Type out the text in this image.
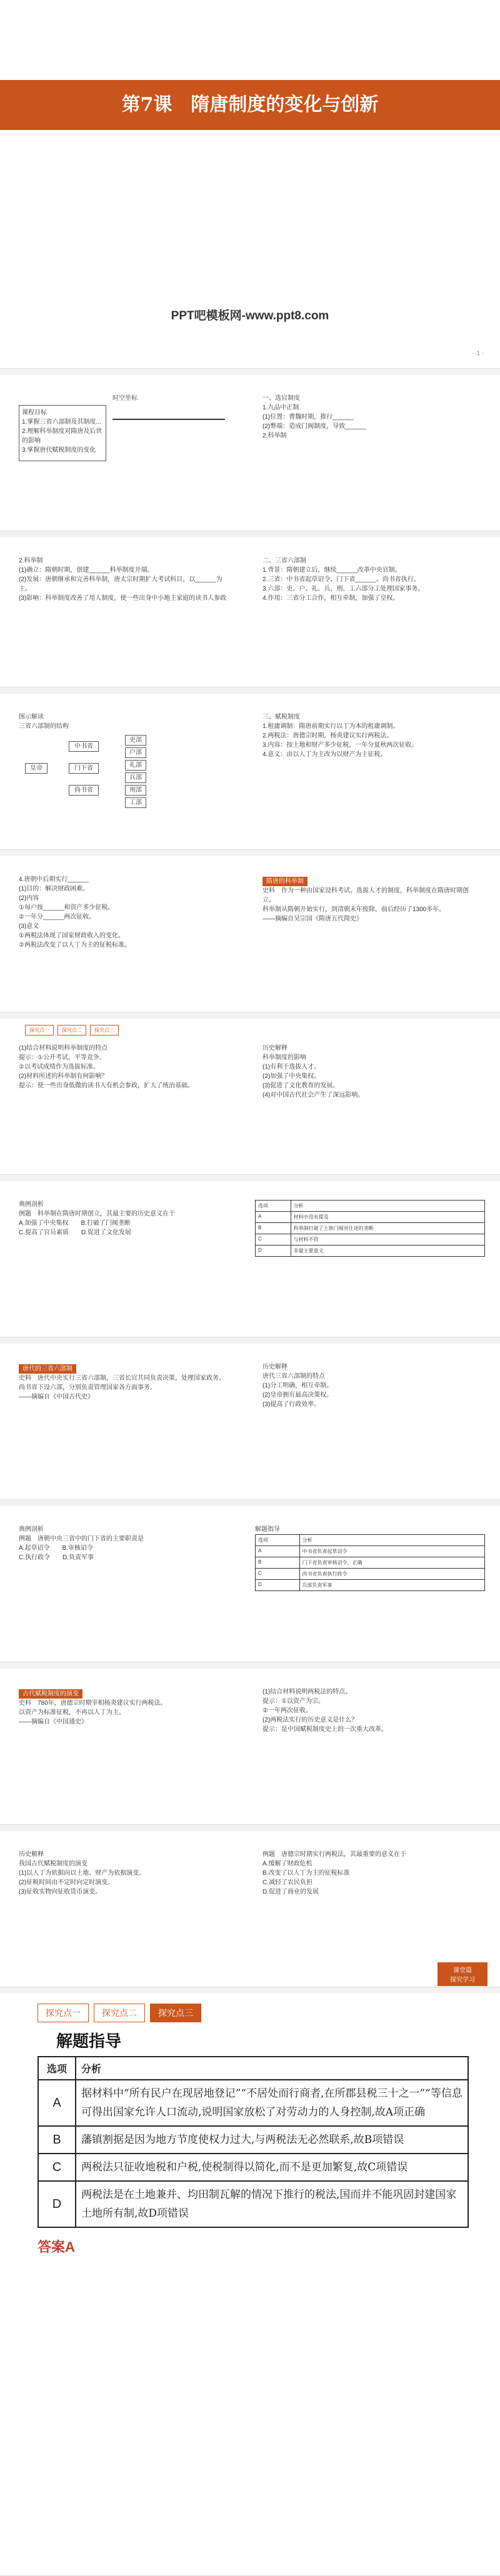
第7课　隋唐制度的变化与创新
PPT吧模板网-www.ppt8.com
· 1 ·
时空坐标
课程目标
1.掌握三省六部制及其制度...
2.理解科举制度对隋唐及后世的影响
3.掌握唐代赋税制度的变化
一、选官制度
1.九品中正制
(1)位置：曹魏时期，推行______
(2)弊端：造成门阀制度，导致______
2.科举制
2.科举制
(1)确立：隋朝时期，创建______科举制度开端。
(2)发展：唐朝继承和完善科举制，唐太宗时期扩大考试科目，以______为主。
(3)影响：科举制度改善了用人制度，使一些出身中小地主家庭的读书人参政
二、三省六部制
1.背景：隋朝建立后，继续______改革中央官制。
2.三省：中书省起草诏令、门下省______、尚书省执行。
3.六部：吏、户、礼、兵、刑、工六部分工处理国家事务。
4.作用：三省分工合作，相互牵制，加强了皇权。
图示解读
三省六部制的结构
皇帝
中书省
门下省
尚书省
吏部
户部
礼部
兵部
刑部
工部
三、赋税制度
1.租庸调制：隋唐前期实行以丁为本的租庸调制。
2.两税法：唐德宗时期，杨炎建议实行两税法。
3.内容：按土地和财产多少征税，一年分夏秋两次征收。
4.意义：由以人丁为主改为以财产为主征税。
4.唐朝中后期实行______
(1)目的：解决财政困难。
(2)内容
①每户按______和资产多少征税。
②一年分______两次征收。
(3)意义
①两税法体现了国家财政收入的变化。
②两税法改变了以人丁为主的征税标准。
隋唐的科举制
史料　作为一种由国家设科考试、选拔人才的制度，科举制度在隋唐时期创立。
科举制从隋朝开始实行，到清朝末年废除，前后经历了1300多年。
——摘编自吴宗国《隋唐五代简史》
探究点一	探究点二	探究点三
(1)结合材料说明科举制度的特点
提示：①公开考试，平等竞争。
②以考试成绩作为选拔标准。
(2)材料所述的科举制有何影响？
提示：使一些出身低微的读书人有机会参政，扩大了统治基础。
历史解释
科举制度的影响
(1)有利于选拔人才。
(2)加强了中央集权。
(3)促进了文化教育的发展。
(4)对中国古代社会产生了深远影响。
典例剖析
例题　科举制在隋唐时期创立，其最主要的历史意义在于
A.加强了中央集权　　B.打破了门阀垄断
C.提高了官员素质　　D.促进了文化发展
选项	分析
A	材料中没有提及
B	科举制打破了士族门阀对仕途的垄断
C	与材料不符
D	非最主要意义
唐代的三省六部制
史料　唐代中央实行三省六部制，三省长官共同负责决策，处理国家政务。
尚书省下设六部，分别负责管理国家各方面事务。
——摘编自《中国古代史》
历史解释
唐代三省六部制的特点
(1)分工明确，相互牵制。
(2)皇帝拥有最高决策权。
(3)提高了行政效率。
典例剖析
例题　唐朝中央三省中的门下省的主要职责是
A.起草诏令　　B.审核诏令
C.执行政令　　D.负责军事
解题指导
选项	分析
A	中书省负责起草诏令
B	门下省负责审核诏令，正确
C	尚书省负责执行政令
D	兵部负责军事
古代赋税制度的演变
史料　780年，唐德宗时期宰相杨炎建议实行两税法。
以资产为标准征税，不再以人丁为主。
——摘编自《中国通史》
(1)结合材料说明两税法的特点。
提示：①以资产为宗。
②一年两次征收。
(2)两税法实行的历史意义是什么？
提示：是中国赋税制度史上的一次重大改革。
历史解释
我国古代赋税制度的演变
(1)以人丁为依据向以土地、财产为依据演变。
(2)征税时间由不定时向定时演变。
(3)征收实物向征收货币演变。
例题　唐德宗时期实行两税法，其最重要的意义在于
A.缓解了财政危机
B.改变了以人丁为主的征税标准
C.减轻了农民负担
D.促进了商业的发展
课堂篇
探究学习
探究点一	探究点二	探究点三
解题指导
选项	分析
A	据材料中“所有民户在现居地登记”“不居处而行商者,在所郡县税三十之一”“等信息可得出国家允许人口流动,说明国家放松了对劳动力的人身控制,故A项正确
B	藩镇割据是因为地方节度使权力过大,与两税法无必然联系,故B项错误
C	两税法只征收地税和户税,使税制得以简化,而不是更加繁复,故C项错误
D	两税法是在土地兼并、均田制瓦解的情况下推行的税法,国而并不能巩固封建国家土地所有制,故D项错误
答案A
